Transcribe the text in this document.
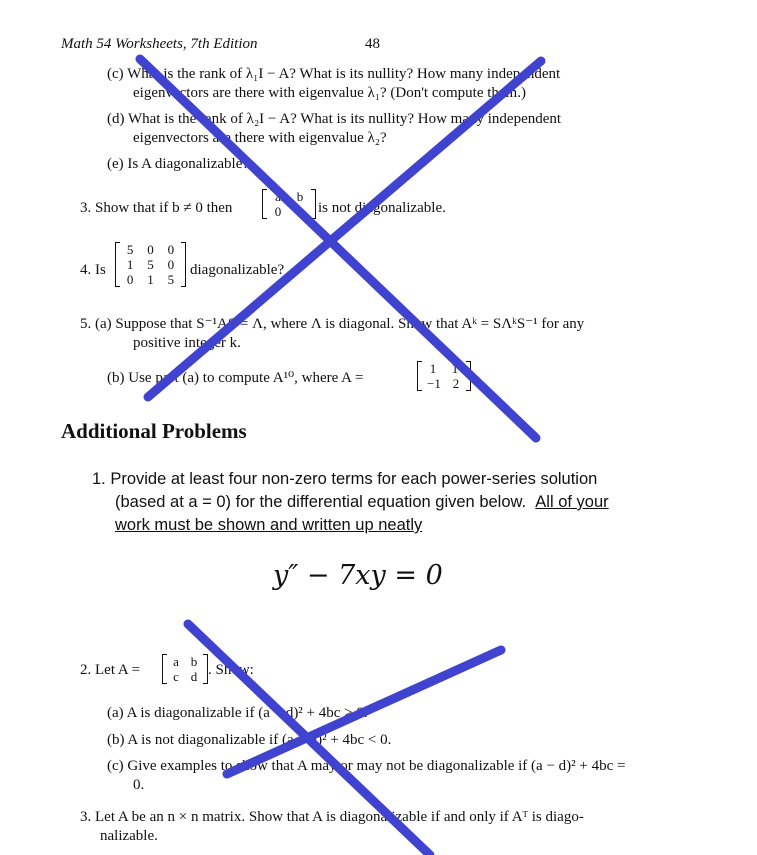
Math 54 Worksheets, 7th Edition	48
(c) What is the rank of λ₁I − A? What is its nullity? How many independent
eigenvectors are there with eigenvalue λ₁? (Don't compute them.)
(d) What is the rank of λ₂I − A? What is its nullity? How many independent
eigenvectors are there with eigenvalue λ₂?
(e) Is A diagonalizable?
3. Show that if b ≠ 0 then
a b
0 a is not diagonalizable.
4. Is
5 0 0
1 5 0
0 1 5
diagonalizable?
5. (a) Suppose that S⁻¹AS = Λ, where Λ is diagonal. Show that Aᵏ = SΛᵏS⁻¹ for any
positive integer k.
(b) Use part (a) to compute A¹⁰, where A =
1 1
−1 2
Additional Problems
1. Provide at least four non-zero terms for each power-series solution
(based at a = 0) for the differential equation given below. All of your
work must be shown and written up neatly
y″ − 7xy = 0
2. Let A =
a b
c d . Show:
(a) A is diagonalizable if (a − d)² + 4bc > 0.
(b) A is not diagonalizable if (a − d)² + 4bc < 0.
(c) Give examples to show that A may or may not be diagonalizable if (a − d)² + 4bc =
0.
3. Let A be an n × n matrix. Show that A is diagonalizable if and only if Aᵀ is diago-
nalizable.
